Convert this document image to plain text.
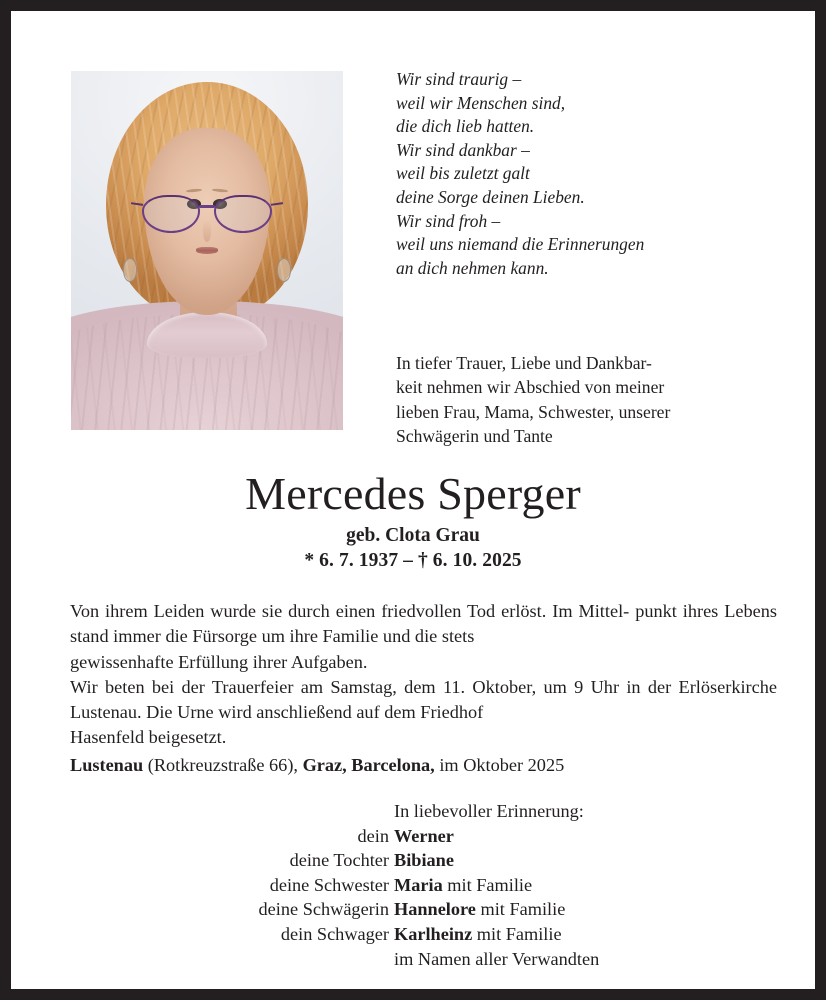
Wir sind traurig –
weil wir Menschen sind,
die dich lieb hatten.
Wir sind dankbar –
weil bis zuletzt galt
deine Sorge deinen Lieben.
Wir sind froh –
weil uns niemand die Erinnerungen
an dich nehmen kann.
In tiefer Trauer, Liebe und Dankbar-
keit nehmen wir Abschied von meiner
lieben Frau, Mama, Schwester, unserer
Schwägerin und Tante
Mercedes Sperger
geb. Clota Grau
* 6. 7. 1937 – † 6. 10. 2025
Von ihrem Leiden wurde sie durch einen friedvollen Tod erlöst. Im Mittel- punkt ihres Lebens stand immer die Fürsorge um ihre Familie und die stets
gewissenhafte Erfüllung ihrer Aufgaben.
Wir beten bei der Trauerfeier am Samstag, dem 11. Oktober, um 9 Uhr in der Erlöserkirche Lustenau. Die Urne wird anschließend auf dem Friedhof
Hasenfeld beigesetzt.
Lustenau (Rotkreuzstraße 66), Graz, Barcelona, im Oktober 2025
In liebevoller Erinnerung:
dein Werner
deine Tochter Bibiane
deine Schwester Maria mit Familie
deine Schwägerin Hannelore mit Familie
dein Schwager Karlheinz mit Familie
im Namen aller Verwandten
